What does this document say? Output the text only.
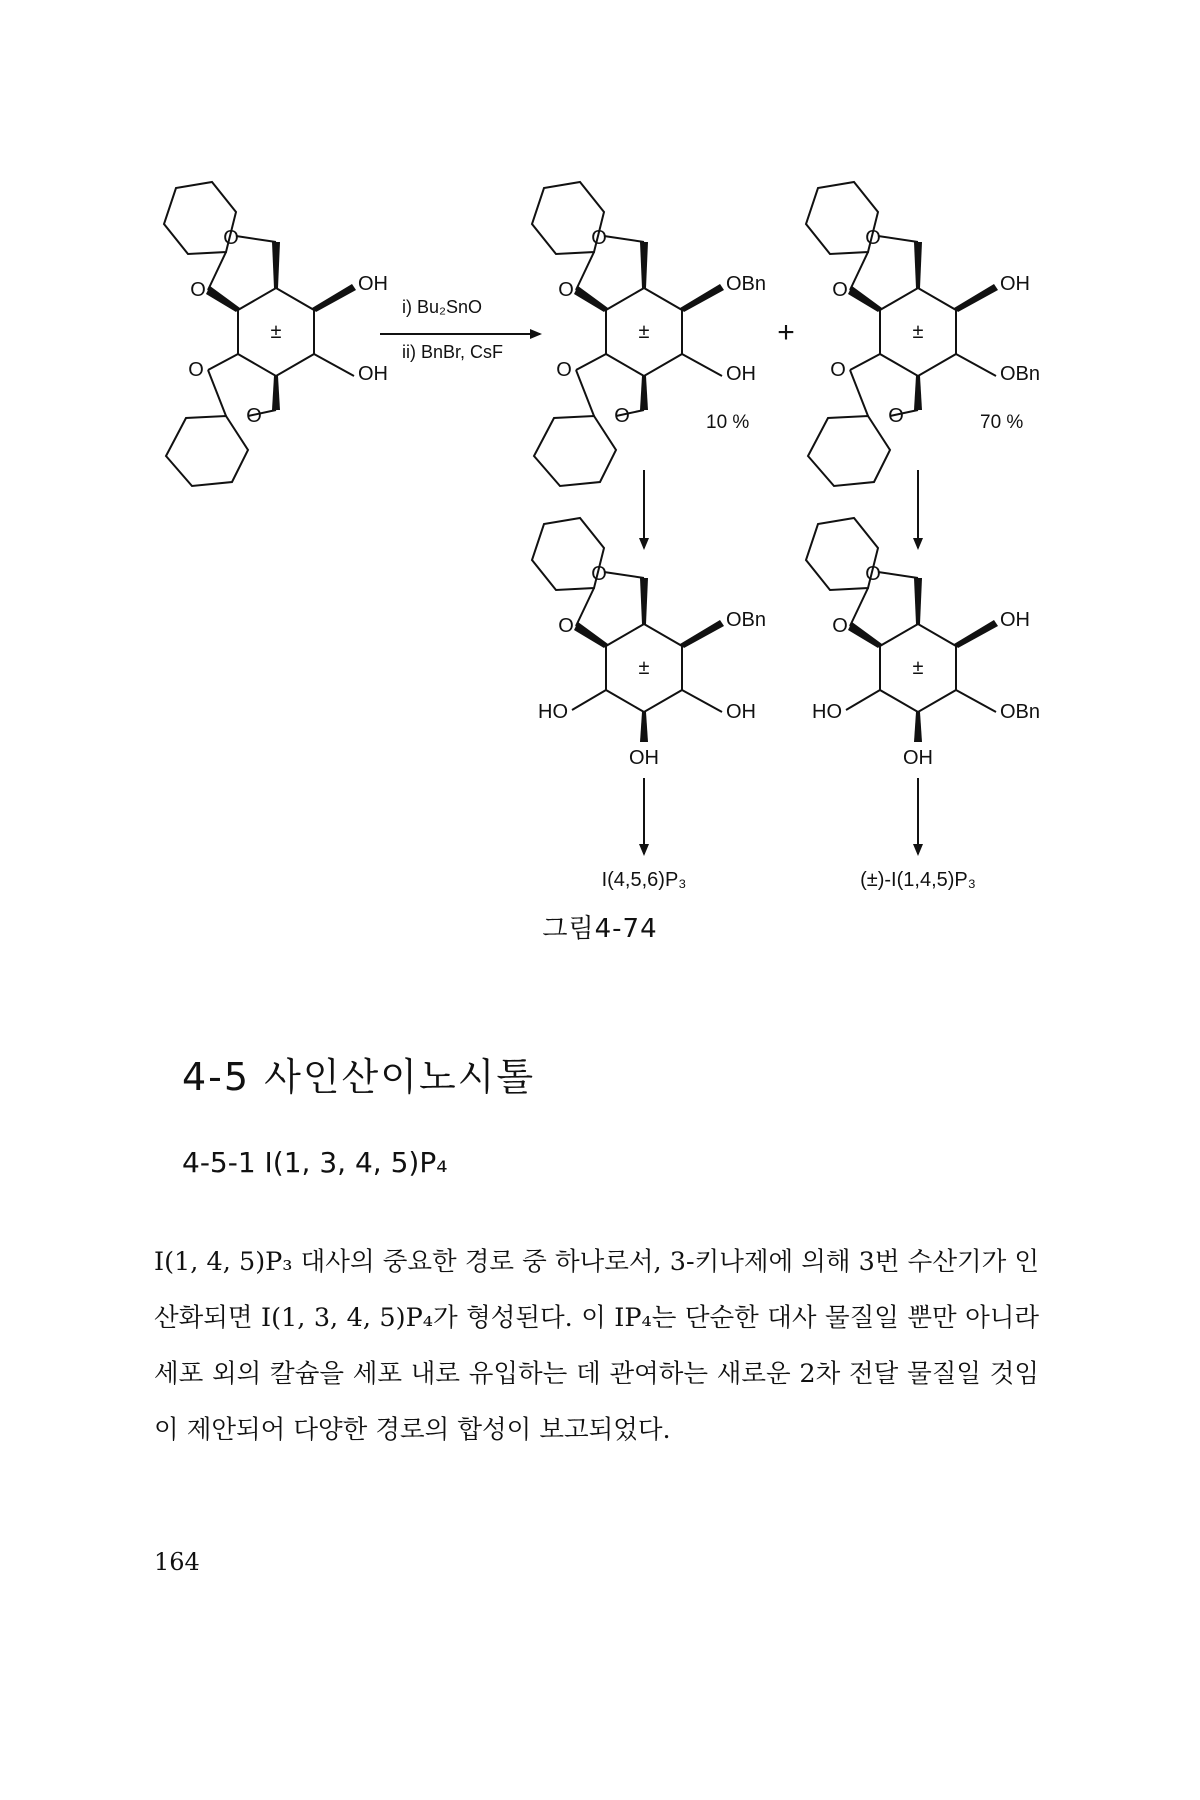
O
O	OH
O	OH
O
±
i) Bu₂SnO
ii) BnBr, CsF
O
O	OBn
O	OH
O
±
10 %
+
O
O	OH
O	OBn
O
±
70 %
O
O	OBn
HO	OH
OH
±
O
O	OH
HO	OBn
OH
±
I(4,5,6)P₃	(±)-I(1,4,5)P₃
그림4-74
4-5 사인산이노시톨
4-5-1 I(1, 3, 4, 5)P₄

I(1, 4, 5)P₃ 대사의 중요한 경로 중 하나로서, 3-키나제에 의해 3번 수산기가 인산화되면 I(1, 3, 4, 5)P₄가 형성된다. 이 IP₄는 단순한 대사 물질일 뿐만 아니라 세포 외의 칼슘을 세포 내로 유입하는 데 관여하는 새로운 2차 전달 물질일 것임이 제안되어 다양한 경로의 합성이 보고되었다.

164
